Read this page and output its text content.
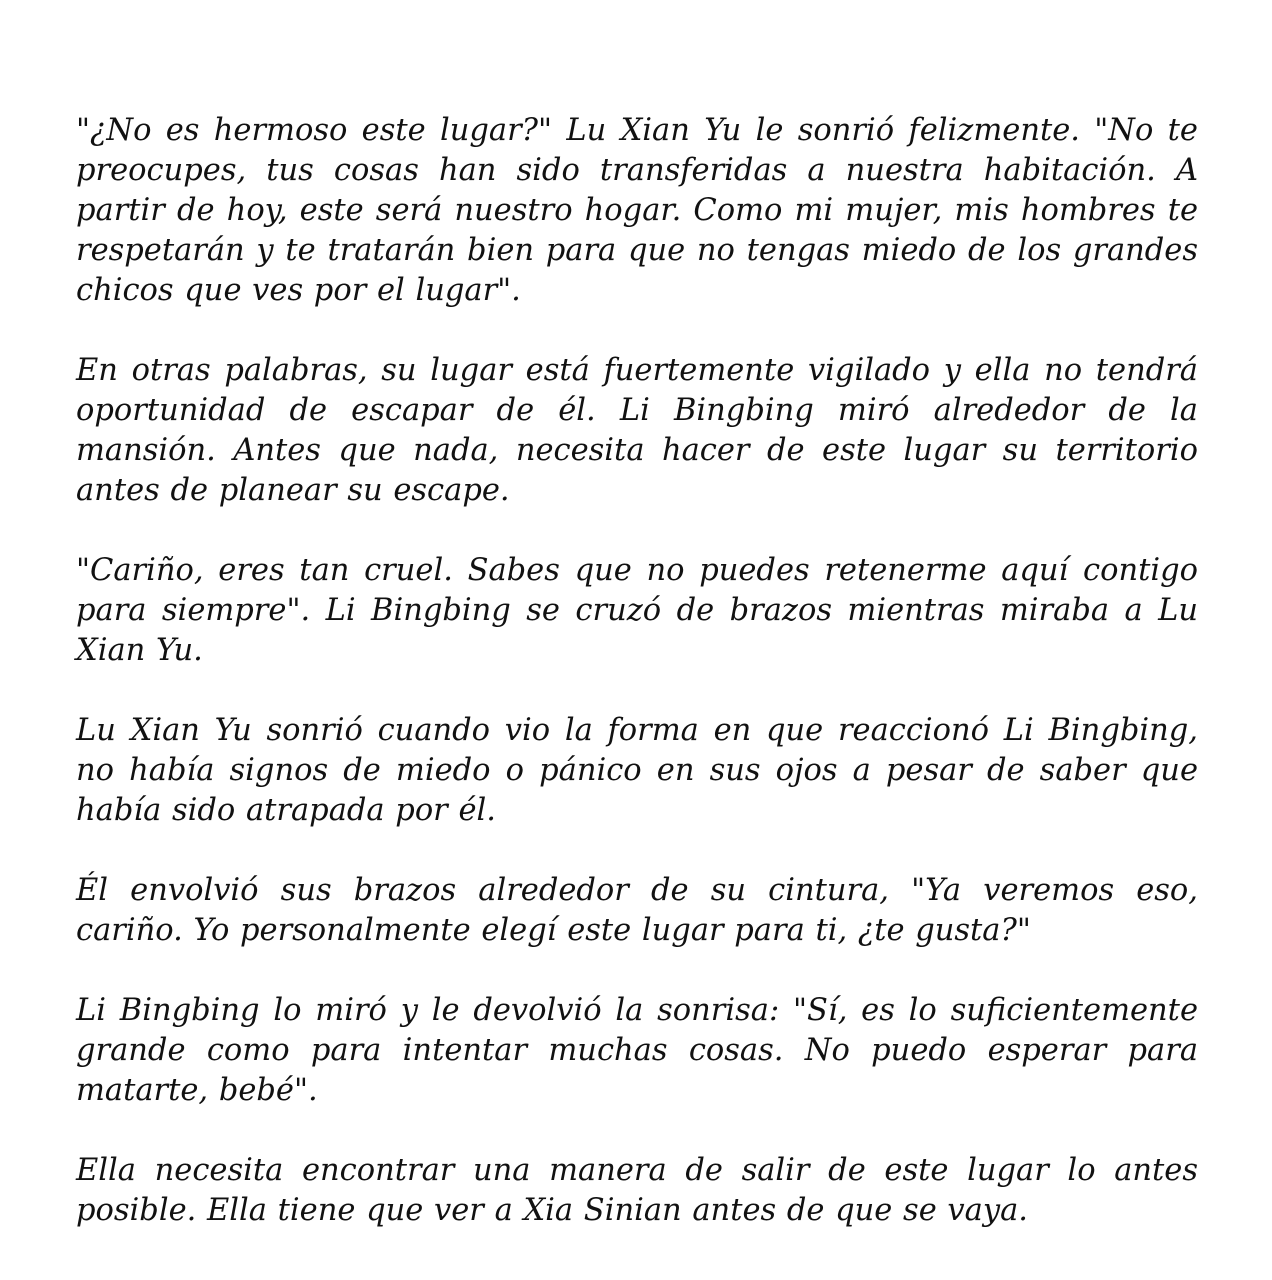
"¿No es hermoso este lugar?" Lu Xian Yu le sonrió felizmente. "No te preocupes, tus cosas han sido transferidas a nuestra habitación. A partir de hoy, este será nuestro hogar. Como mi mujer, mis hombres te respetarán y te tratarán bien para que no tengas miedo de los grandes chicos que ves por el lugar".

En otras palabras, su lugar está fuertemente vigilado y ella no tendrá oportunidad de escapar de él. Li Bingbing miró alrededor de la mansión. Antes que nada, necesita hacer de este lugar su territorio antes de planear su escape.

"Cariño, eres tan cruel. Sabes que no puedes retenerme aquí contigo para siempre". Li Bingbing se cruzó de brazos mientras miraba a Lu Xian Yu.

Lu Xian Yu sonrió cuando vio la forma en que reaccionó Li Bingbing, no había signos de miedo o pánico en sus ojos a pesar de saber que había sido atrapada por él.

Él envolvió sus brazos alrededor de su cintura, "Ya veremos eso, cariño. Yo personalmente elegí este lugar para ti, ¿te gusta?"

Li Bingbing lo miró y le devolvió la sonrisa: "Sí, es lo suficientemente grande como para intentar muchas cosas. No puedo esperar para matarte, bebé".

Ella necesita encontrar una manera de salir de este lugar lo antes posible. Ella tiene que ver a Xia Sinian antes de que se vaya.
